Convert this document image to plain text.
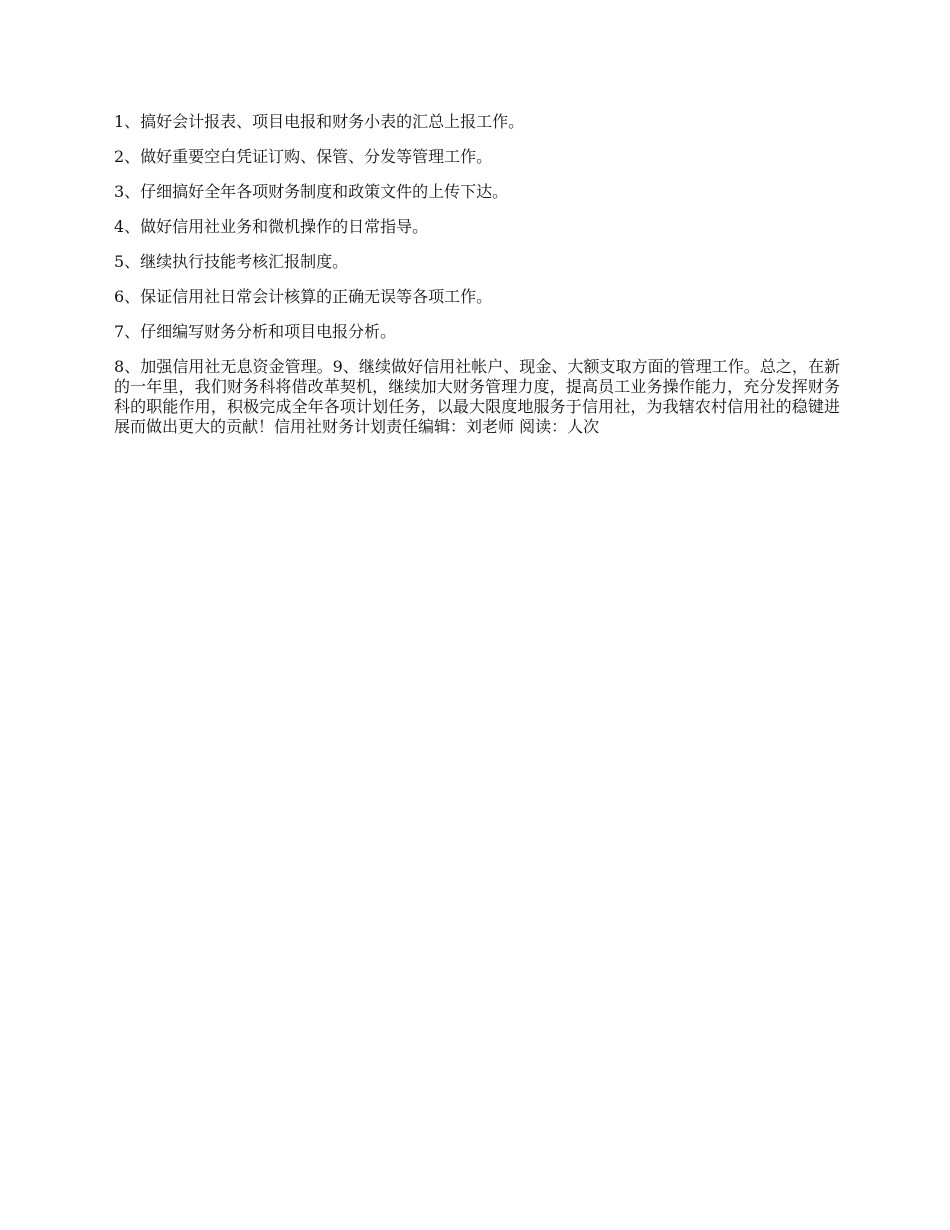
1、搞好会计报表、项目电报和财务小表的汇总上报工作。

2、做好重要空白凭证订购、保管、分发等管理工作。

3、仔细搞好全年各项财务制度和政策文件的上传下达。

4、做好信用社业务和微机操作的日常指导。

5、继续执行技能考核汇报制度。

6、保证信用社日常会计核算的正确无误等各项工作。

7、仔细编写财务分析和项目电报分析。

8、加强信用社无息资金管理。9、继续做好信用社帐户、现金、大额支取方面的管理工作。总之，在新的一年里，我们财务科将借改革契机，继续加大财务管理力度，提高员工业务操作能力，充分发挥财务科的职能作用，积极完成全年各项计划任务，以最大限度地服务于信用社，为我辖农村信用社的稳键进展而做出更大的贡献！信用社财务计划责任编辑：刘老师 阅读：人次
